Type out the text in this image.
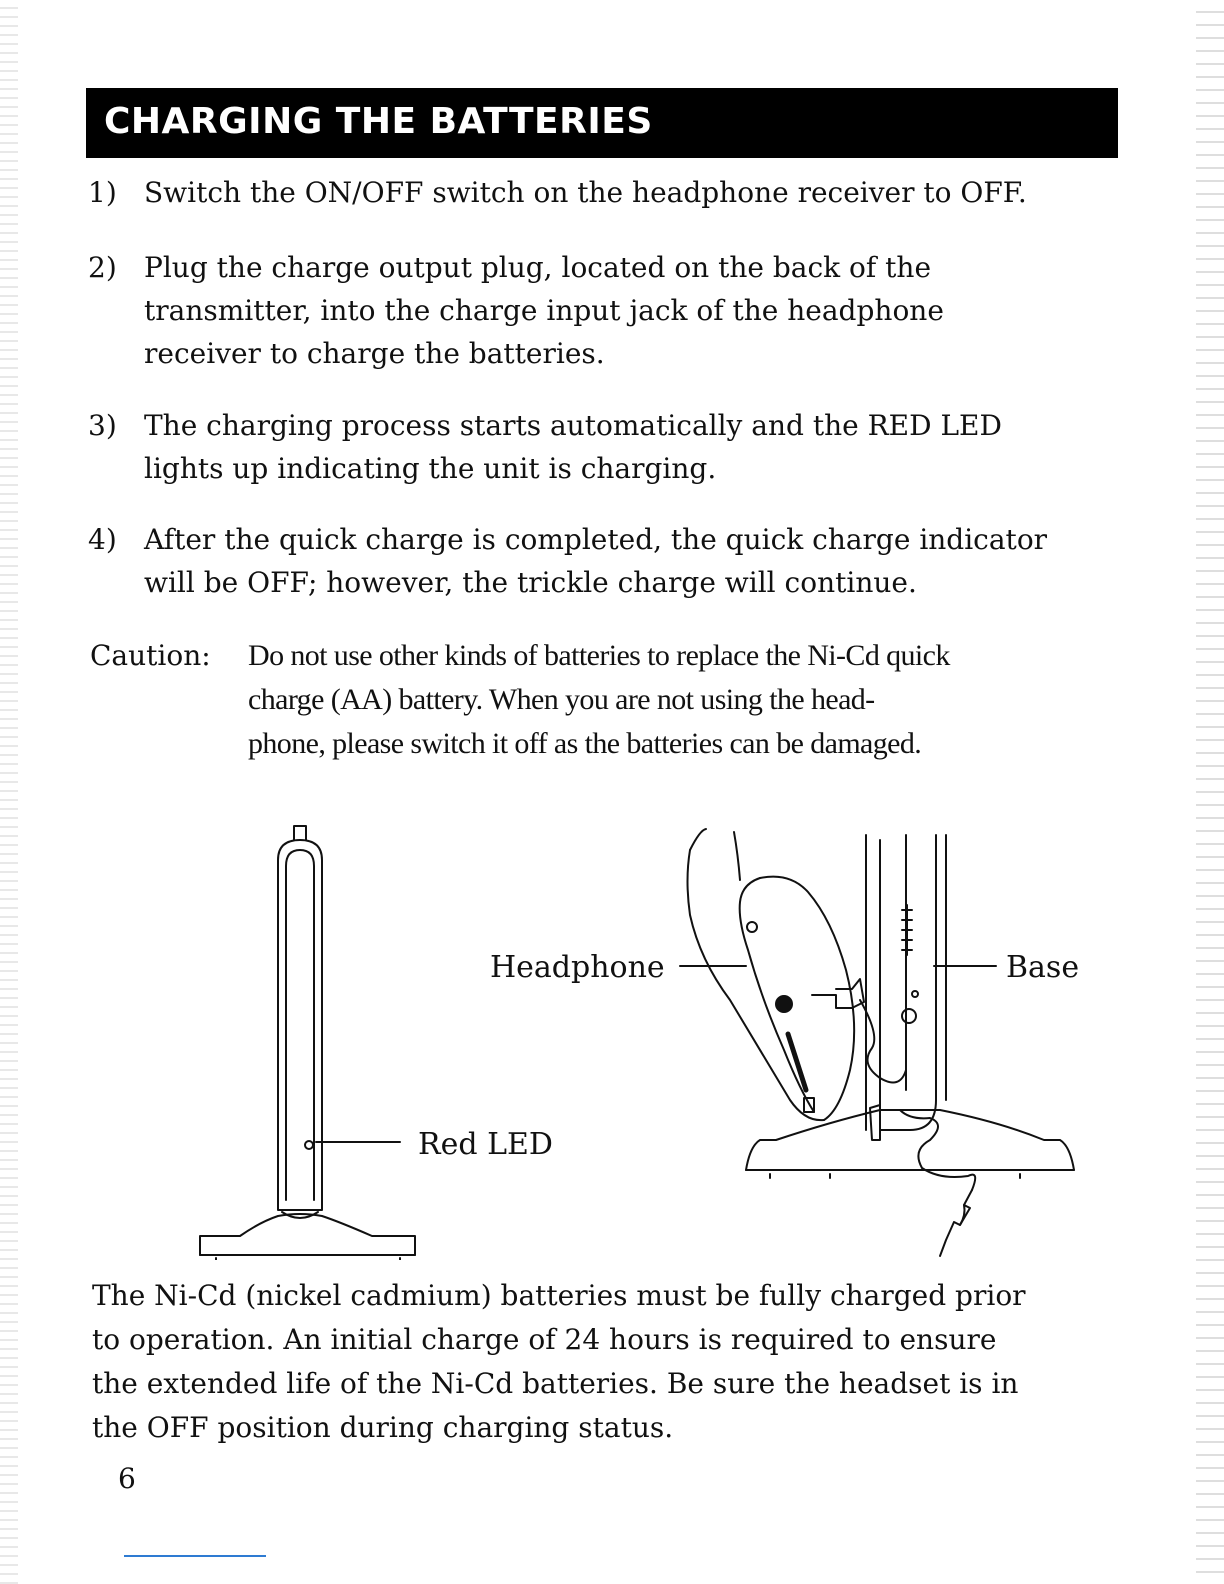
CHARGING THE BATTERIES
1) Switch the ON/OFF switch on the headphone receiver to OFF.
2) Plug the charge output plug, located on the back of the
transmitter, into the charge input jack of the headphone
receiver to charge the batteries.
3) The charging process starts automatically and the RED LED
lights up indicating the unit is charging.
4) After the quick charge is completed, the quick charge indicator
will be OFF; however, the trickle charge will continue.
Caution: Do not use other kinds of batteries to replace the Ni-Cd quick
charge (AA) battery. When you are not using the head-
phone, please switch it off as the batteries can be damaged.
Headphone	Base
Red LED
The Ni-Cd (nickel cadmium) batteries must be fully charged prior
to operation. An initial charge of 24 hours is required to ensure
the extended life of the Ni-Cd batteries. Be sure the headset is in
the OFF position during charging status.
6
